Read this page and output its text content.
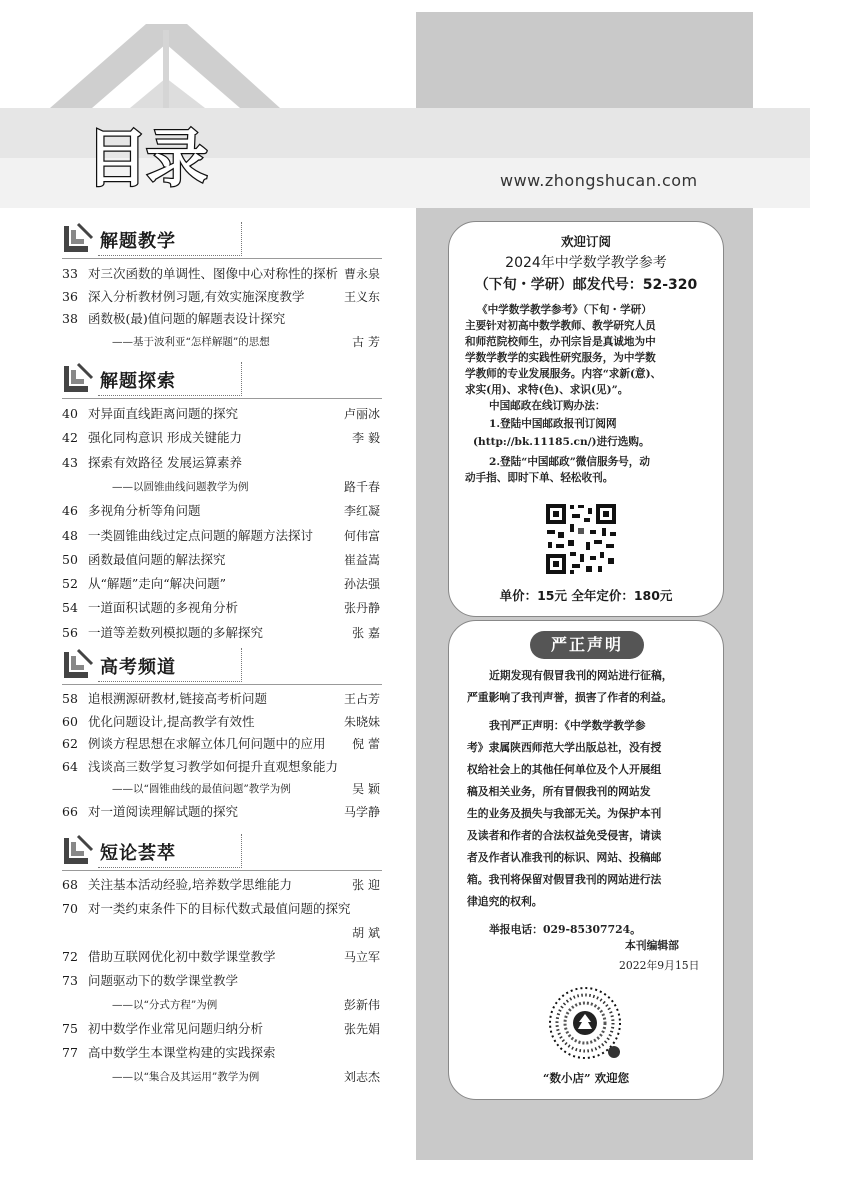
目录	www.zhongshucan.com
解题教学
33 对三次函数的单调性、图像中心对称性的探析 曹永泉
36 深入分析教材例习题,有效实施深度教学	王义东
38 函数极(最)值问题的解题表设计探究
——基于波利亚“怎样解题”的思想	古 芳
解题探索
40 对异面直线距离问题的探究	卢丽冰
42 强化同构意识 形成关键能力	李 毅
43 探索有效路径 发展运算素养
——以圆锥曲线问题教学为例	路千春
46 多视角分析等角问题	李红凝
48 一类圆锥曲线过定点问题的解题方法探讨	何伟富
50 函数最值问题的解法探究	崔益嵩
52 从“解题”走向“解决问题”	孙法强
54 一道面积试题的多视角分析	张丹静
56 一道等差数列模拟题的多解探究	张 嘉
高考频道
58 追根溯源研教材,链接高考析问题	王占芳
60 优化问题设计,提高教学有效性	朱晓妹
62 例谈方程思想在求解立体几何问题中的应用 倪 蕾
64 浅谈高三数学复习教学如何提升直观想象能力
——以“圆锥曲线的最值问题”教学为例	吴 颖
66 对一道阅读理解试题的探究	马学静
短论荟萃
68 关注基本活动经验,培养数学思维能力	张 迎
70 对一类约束条件下的目标代数式最值问题的探究
胡 斌
72 借助互联网优化初中数学课堂教学	马立军
73 问题驱动下的数学课堂教学
——以“分式方程”为例	彭新伟
75 初中数学作业常见问题归纳分析	张先娟
77 高中数学生本课堂构建的实践探索
——以“集合及其运用”教学为例	刘志杰
欢迎订阅
2024年中学数学教学参考
（下旬・学研）邮发代号：52-320
《中学数学教学参考》（下旬・学研）
主要针对初高中数学教师、教学研究人员
和师范院校师生，办刊宗旨是真诚地为中
学数学教学的实践性研究服务，为中学数
学教师的专业发展服务。内容“求新(意)、
求实(用)、求特(色)、求识(见)”。
中国邮政在线订购办法：
1.登陆中国邮政报刊订阅网
(http://bk.11185.cn/)进行选购。
2.登陆“中国邮政”微信服务号，动
动手指、即时下单、轻松收刊。
单价：15元 全年定价：180元
严正声明
近期发现有假冒我刊的网站进行征稿，
严重影响了我刊声誉，损害了作者的利益。
我刊严正声明：《中学数学教学参
考》隶属陕西师范大学出版总社，没有授
权给社会上的其他任何单位及个人开展组
稿及相关业务，所有冒假我刊的网站发
生的业务及损失与我部无关。为保护本刊
及读者和作者的合法权益免受侵害，请读
者及作者认准我刊的标识、网站、投稿邮
箱。我刊将保留对假冒我刊的网站进行法
律追究的权利。
举报电话：029-85307724。
本刊编辑部
2022年9月15日
“数小店” 欢迎您
